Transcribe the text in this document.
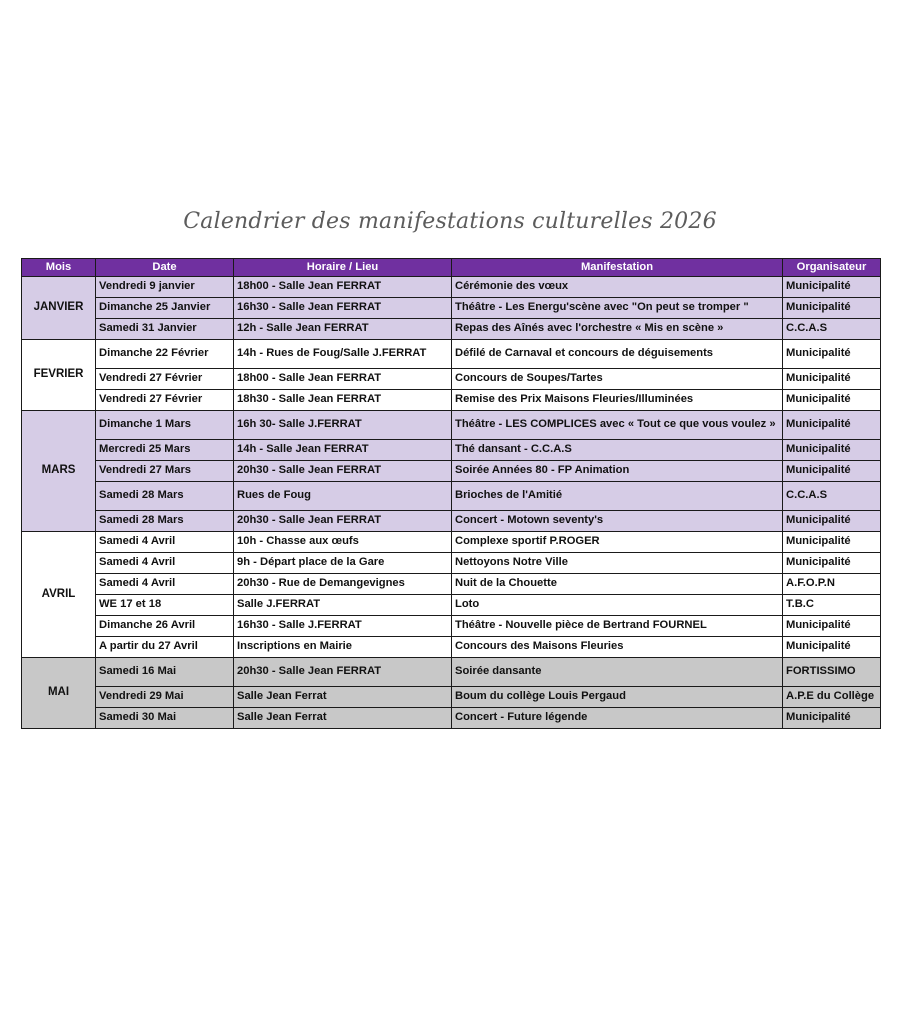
Calendrier des manifestations culturelles 2026
Mois	Date	Horaire / Lieu	Manifestation	Organisateur
JANVIER	Vendredi 9 janvier	18h00 - Salle Jean FERRAT	Cérémonie des vœux	Municipalité
	Dimanche 25 Janvier	16h30 - Salle Jean FERRAT	Théâtre - Les Energu'scène avec "On peut se tromper "	Municipalité
	Samedi 31 Janvier	12h - Salle Jean FERRAT	Repas des Aînés avec l'orchestre « Mis en scène »	C.C.A.S
FEVRIER	Dimanche 22 Février	14h - Rues de Foug/Salle J.FERRAT	Défilé de Carnaval et concours de déguisements	Municipalité
	Vendredi 27 Février	18h00 - Salle Jean FERRAT	Concours de Soupes/Tartes	Municipalité
	Vendredi 27 Février	18h30 - Salle Jean FERRAT	Remise des Prix Maisons Fleuries/Illuminées	Municipalité
MARS	Dimanche 1 Mars	16h 30- Salle J.FERRAT	Théâtre - LES COMPLICES avec « Tout ce que vous voulez »	Municipalité
	Mercredi 25 Mars	14h - Salle Jean FERRAT	Thé dansant - C.C.A.S	Municipalité
	Vendredi 27 Mars	20h30 - Salle Jean FERRAT	Soirée Années 80 - FP Animation	Municipalité
	Samedi 28 Mars	Rues de Foug	Brioches de l'Amitié	C.C.A.S
	Samedi 28 Mars	20h30 - Salle Jean FERRAT	Concert - Motown seventy's	Municipalité
AVRIL	Samedi 4 Avril	10h - Chasse aux œufs	Complexe sportif P.ROGER	Municipalité
	Samedi 4 Avril	9h - Départ place de la Gare	Nettoyons Notre Ville	Municipalité
	Samedi 4 Avril	20h30 - Rue de Demangevignes	Nuit de la Chouette	A.F.O.P.N
	WE 17 et 18	Salle J.FERRAT	Loto	T.B.C
	Dimanche 26 Avril	16h30 - Salle J.FERRAT	Théâtre - Nouvelle pièce de Bertrand FOURNEL	Municipalité
	A partir du 27 Avril	Inscriptions en Mairie	Concours des Maisons Fleuries	Municipalité
MAI	Samedi 16 Mai	20h30 - Salle Jean FERRAT	Soirée dansante	FORTISSIMO
	Vendredi 29 Mai	Salle Jean Ferrat	Boum du collège Louis Pergaud	A.P.E du Collège
	Samedi 30 Mai	Salle Jean Ferrat	Concert - Future légende	Municipalité
